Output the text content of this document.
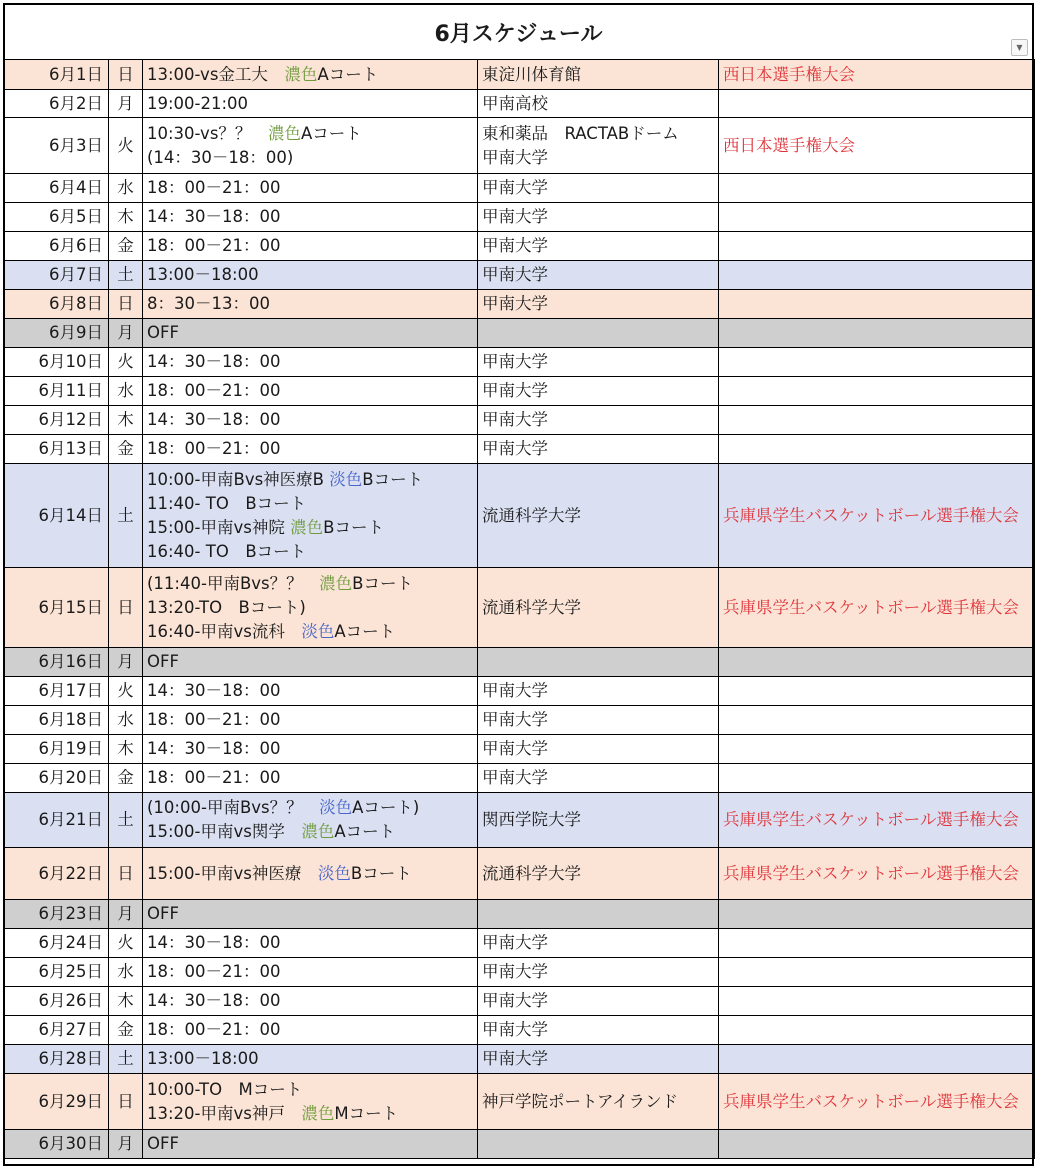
6月スケジュール
▼
6月1日	日	13:00-vs金工大　濃色Aコート	東淀川体育館	西日本選手権大会
6月2日	月	19:00-21:00	甲南高校	

6月3日	火	10:30-vs？？　濃色Aコート
(14：30－18：00)	東和薬品　RACTABドーム
甲南大学	西日本選手権大会
6月4日	水	18：00－21：00	甲南大学	

6月5日	木	14：30－18：00	甲南大学	

6月6日	金	18：00－21：00	甲南大学	

6月7日	土	13:00－18:00	甲南大学	

6月8日	日	8：30－13：00	甲南大学	

6月9日	月	OFF		

6月10日	火	14：30－18：00	甲南大学	

6月11日	水	18：00－21：00	甲南大学	

6月12日	木	14：30－18：00	甲南大学	

6月13日	金	18：00－21：00	甲南大学	

6月14日	土	10:00-甲南Bvs神医療B 淡色Bコート
11:40- TO　Bコート
15:00-甲南vs神院 濃色Bコート
16:40- TO　Bコート	流通科学大学	兵庫県学生バスケットボール選手権大会
6月15日	日	(11:40-甲南Bvs？？　濃色Bコート
13:20-TO　Bコート)
16:40-甲南vs流科　淡色Aコート	流通科学大学	兵庫県学生バスケットボール選手権大会
6月16日	月	OFF		

6月17日	火	14：30－18：00	甲南大学	

6月18日	水	18：00－21：00	甲南大学	

6月19日	木	14：30－18：00	甲南大学	

6月20日	金	18：00－21：00	甲南大学	

6月21日	土	(10:00-甲南Bvs？？　淡色Aコート)
15:00-甲南vs関学　濃色Aコート	関西学院大学	兵庫県学生バスケットボール選手権大会
6月22日	日	15:00-甲南vs神医療　淡色Bコート	流通科学大学	兵庫県学生バスケットボール選手権大会
6月23日	月	OFF		

6月24日	火	14：30－18：00	甲南大学	

6月25日	水	18：00－21：00	甲南大学	

6月26日	木	14：30－18：00	甲南大学	

6月27日	金	18：00－21：00	甲南大学	

6月28日	土	13:00－18:00	甲南大学	

6月29日	日	10:00-TO　Mコート
13:20-甲南vs神戸　濃色Mコート	神戸学院ポートアイランド	兵庫県学生バスケットボール選手権大会
6月30日	月	OFF		
